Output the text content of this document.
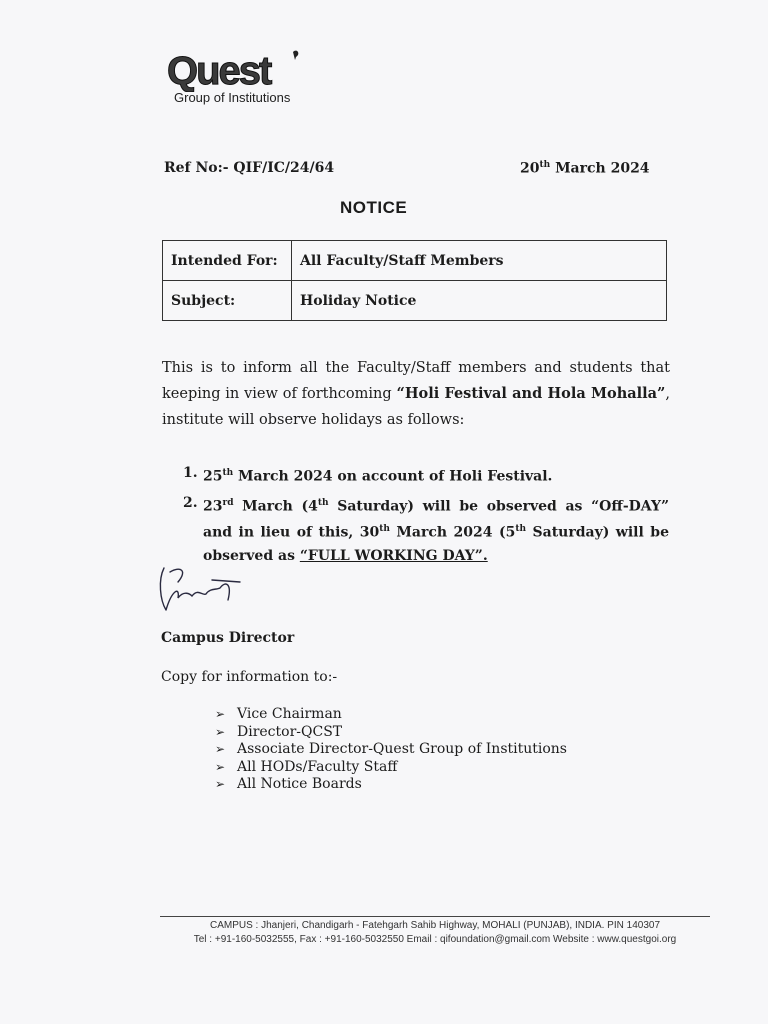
Quest
Group of Institutions
Ref No:- QIF/IC/24/64	20th March 2024
NOTICE
Intended For:	All Faculty/Staff Members
Subject:	Holiday Notice
This is to inform all the Faculty/Staff members and students that keeping in view of forthcoming “Holi Festival and Hola Mohalla”, institute will observe holidays as follows:
1. 25th March 2024 on account of Holi Festival.
2. 23rd March (4th Saturday) will be observed as “Off-DAY” and in lieu of this, 30th March 2024 (5th Saturday) will be observed as “FULL WORKING DAY”.
Campus Director
Copy for information to:-
➢ Vice Chairman
➢ Director-QCST
➢ Associate Director-Quest Group of Institutions
➢ All HODs/Faculty Staff
➢ All Notice Boards
CAMPUS : Jhanjeri, Chandigarh - Fatehgarh Sahib Highway, MOHALI (PUNJAB), INDIA. PIN 140307
Tel : +91-160-5032555, Fax : +91-160-5032550 Email : qifoundation@gmail.com Website : www.questgoi.org
